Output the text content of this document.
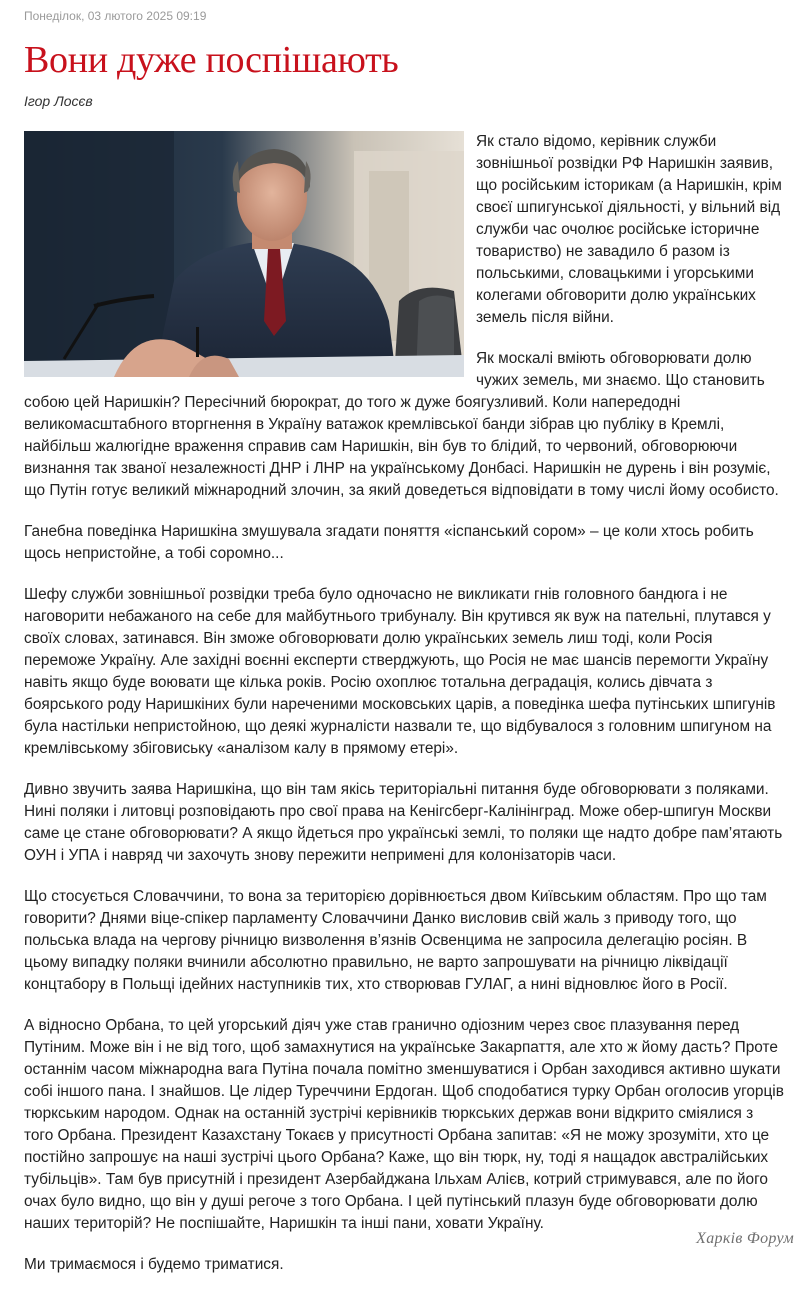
Понеділок, 03 лютого 2025 09:19
Вони дуже поспішають
Ігор Лосєв

Як стало відомо, керівник служби зовнішньої розвідки РФ Наришкін заявив, що російським історикам (а Наришкін, крім своєї шпигунської діяльності, у вільний від служби час очолює російське історичне товариство) не завадило б разом із польськими, словацькими і угорськими колегами обговорити долю українських земель після війни.

Як москалі вміють обговорювати долю чужих земель, ми знаємо. Що становить собою цей Наришкін? Пересічний бюрократ, до того ж дуже боягузливий. Коли напередодні великомасштабного вторгнення в Україну ватажок кремлівської банди зібрав цю публіку в Кремлі, найбільш жалюгідне враження справив сам Наришкін, він був то блідий, то червоний, обговорюючи визнання так званої незалежності ДНР і ЛНР на українському Донбасі. Наришкін не дурень і він розуміє, що Путін готує великий міжнародний злочин, за який доведеться відповідати в тому числі йому особисто.

Ганебна поведінка Наришкіна змушувала згадати поняття «іспанський сором» – це коли хтось робить щось непристойне, а тобі соромно...

Шефу служби зовнішньої розвідки треба було одночасно не викликати гнів головного бандюга і не наговорити небажаного на себе для майбутнього трибуналу. Він крутився як вуж на пательні, плутався у своїх словах, затинався. Він зможе обговорювати долю українських земель лиш тоді, коли Росія переможе Україну. Але західні воєнні експерти стверджують, що Росія не має шансів перемогти Україну навіть якщо буде воювати ще кілька років. Росію охоплює тотальна деградація, колись дівчата з боярського роду Наришкіних були нареченими московських царів, а поведінка шефа путінських шпигунів була настільки непристойною, що деякі журналісти назвали те, що відбувалося з головним шпигуном на кремлівському збіговиську «аналізом калу в прямому етері».

Дивно звучить заява Наришкіна, що він там якісь територіальні питання буде обговорювати з поляками. Нині поляки і литовці розповідають про свої права на Кенігсберг-Калінінград. Може обер-шпигун Москви саме це стане обговорювати? А якщо йдеться про українські землі, то поляки ще надто добре пам’ятають ОУН і УПА і навряд чи захочуть знову пережити непримені для колонізаторів часи.

Що стосується Словаччини, то вона за територією дорівнюється двом Київським областям. Про що там говорити? Днями віце-спікер парламенту Словаччини Данко висловив свій жаль з приводу того, що польська влада на чергову річницю визволення в’язнів Освенцима не запросила делегацію росіян. В цьому випадку поляки вчинили абсолютно правильно, не варто запрошувати на річницю ліквідації концтабору в Польщі ідейних наступників тих, хто створював ГУЛАГ, а нині відновлює його в Росії.

А відносно Орбана, то цей угорський діяч уже став гранично одіозним через своє плазування перед Путіним. Може він і не від того, щоб замахнутися на українське Закарпаття, але хто ж йому дасть? Проте останнім часом міжнародна вага Путіна почала помітно зменшуватися і Орбан заходився активно шукати собі іншого пана. І знайшов. Це лідер Туреччини Ердоган. Щоб сподобатися турку Орбан оголосив угорців тюркським народом. Однак на останній зустрічі керівників тюркських держав вони відкрито сміялися з того Орбана. Президент Казахстану Токаєв у присутності Орбана запитав: «Я не можу зрозуміти, хто це постійно запрошує на наші зустрічі цього Орбана? Каже, що він тюрк, ну, тоді я нащадок австралійських тубільців». Там був присутній і президент Азербайджана Ільхам Алієв, котрий стримувався, але по його очах було видно, що він у душі регоче з того Орбана. І цей путінський плазун буде обговорювати долю наших територій? Не поспішайте, Наришкін та інші пани, ховати Україну.

Ми тримаємося і будемо триматися.

Харків Форум
